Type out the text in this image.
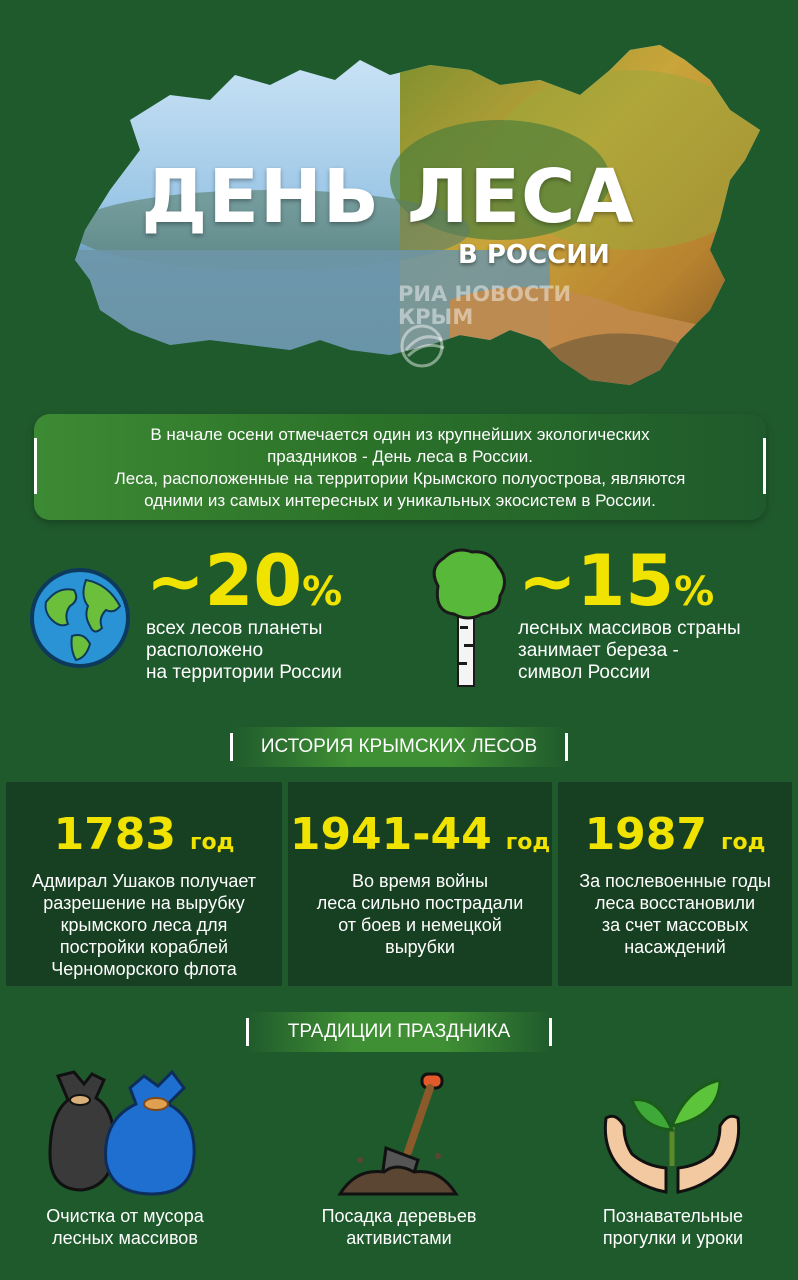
ДЕНЬ ЛЕСА
В РОССИИ
РИА НОВОСТИ
КРЫМ
В начале осени отмечается один из крупнейших экологических
праздников - День леса в России.
Леса, расположенные на территории Крымского полуострова, являются
одними из самых интересных и уникальных экосистем в России.
~20%
всех лесов планеты
расположено
на территории России
~15%
лесных массивов страны
занимает береза -
символ России
ИСТОРИЯ КРЫМСКИХ ЛЕСОВ
1783 год
Адмирал Ушаков получает
разрешение на вырубку
крымского леса для
постройки кораблей
Черноморского флота
1941-44 год
Во время войны
леса сильно пострадали
от боев и немецкой
вырубки
1987 год
За послевоенные годы
леса восстановили
за счет массовых
насаждений
ТРАДИЦИИ ПРАЗДНИКА
Очистка от мусора
лесных массивов
Посадка деревьев
активистами
Познавательные
прогулки и уроки
